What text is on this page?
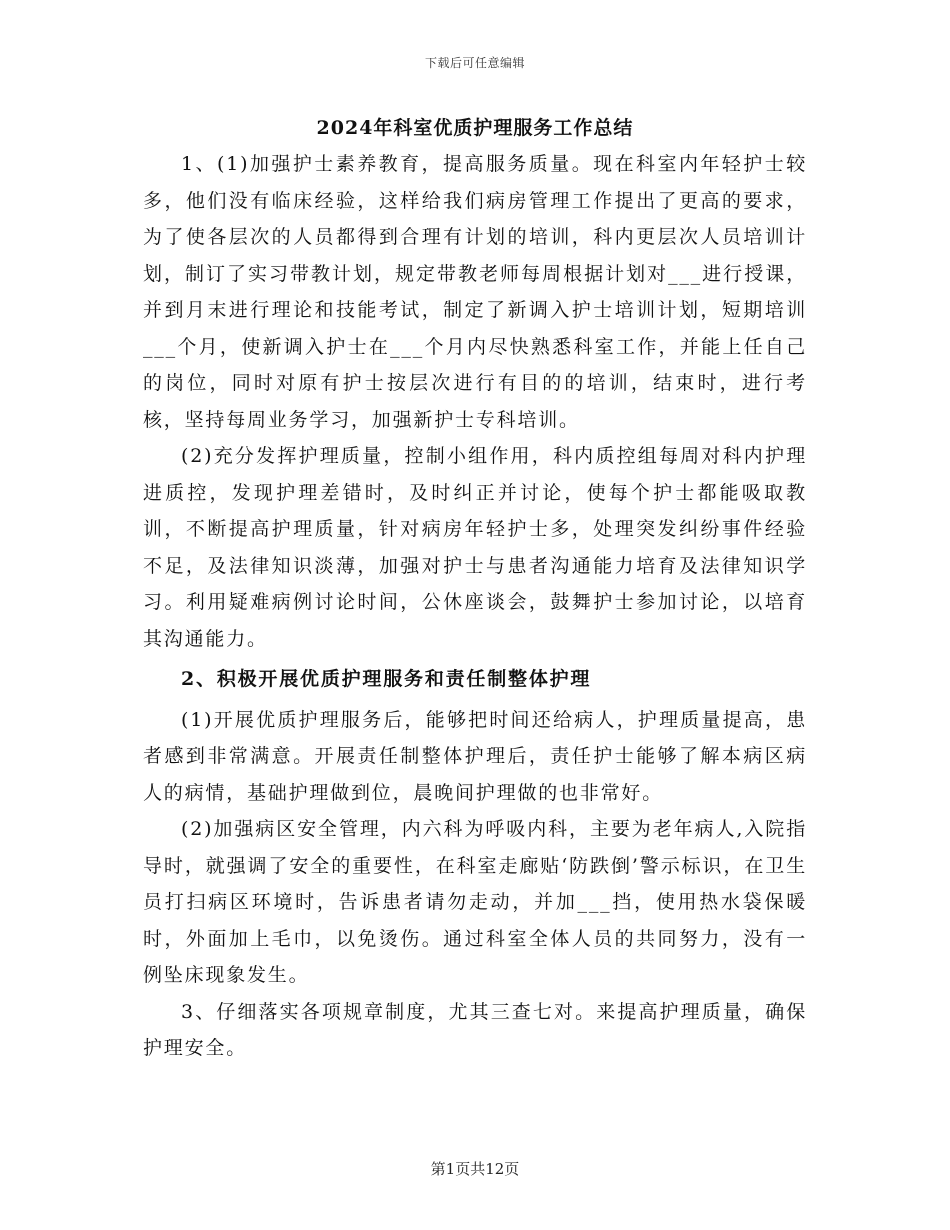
下载后可任意编辑
2024年科室优质护理服务工作总结

1、(1)加强护士素养教育，提高服务质量。现在科室内年轻护士较多，他们没有临床经验，这样给我们病房管理工作提出了更高的要求，为了使各层次的人员都得到合理有计划的培训，科内更层次人员培训计划，制订了实习带教计划，规定带教老师每周根据计划对___进行授课，并到月末进行理论和技能考试，制定了新调入护士培训计划，短期培训___个月，使新调入护士在___个月内尽快熟悉科室工作，并能上任自己的岗位，同时对原有护士按层次进行有目的的培训，结束时，进行考核，坚持每周业务学习，加强新护士专科培训。

(2)充分发挥护理质量，控制小组作用，科内质控组每周对科内护理进质控，发现护理差错时，及时纠正并讨论，使每个护士都能吸取教训，不断提高护理质量，针对病房年轻护士多，处理突发纠纷事件经验不足，及法律知识淡薄，加强对护士与患者沟通能力培育及法律知识学习。利用疑难病例讨论时间，公休座谈会，鼓舞护士参加讨论，以培育其沟通能力。

2、积极开展优质护理服务和责任制整体护理

(1)开展优质护理服务后，能够把时间还给病人，护理质量提高，患者感到非常满意。开展责任制整体护理后，责任护士能够了解本病区病人的病情，基础护理做到位，晨晚间护理做的也非常好。

(2)加强病区安全管理，内六科为呼吸内科，主要为老年病人,入院指导时，就强调了安全的重要性，在科室走廊贴‘防跌倒’警示标识，在卫生员打扫病区环境时，告诉患者请勿走动，并加___挡，使用热水袋保暖时，外面加上毛巾，以免烫伤。通过科室全体人员的共同努力，没有一例坠床现象发生。

3、仔细落实各项规章制度，尤其三查七对。来提高护理质量，确保护理安全。

第1页共12页
